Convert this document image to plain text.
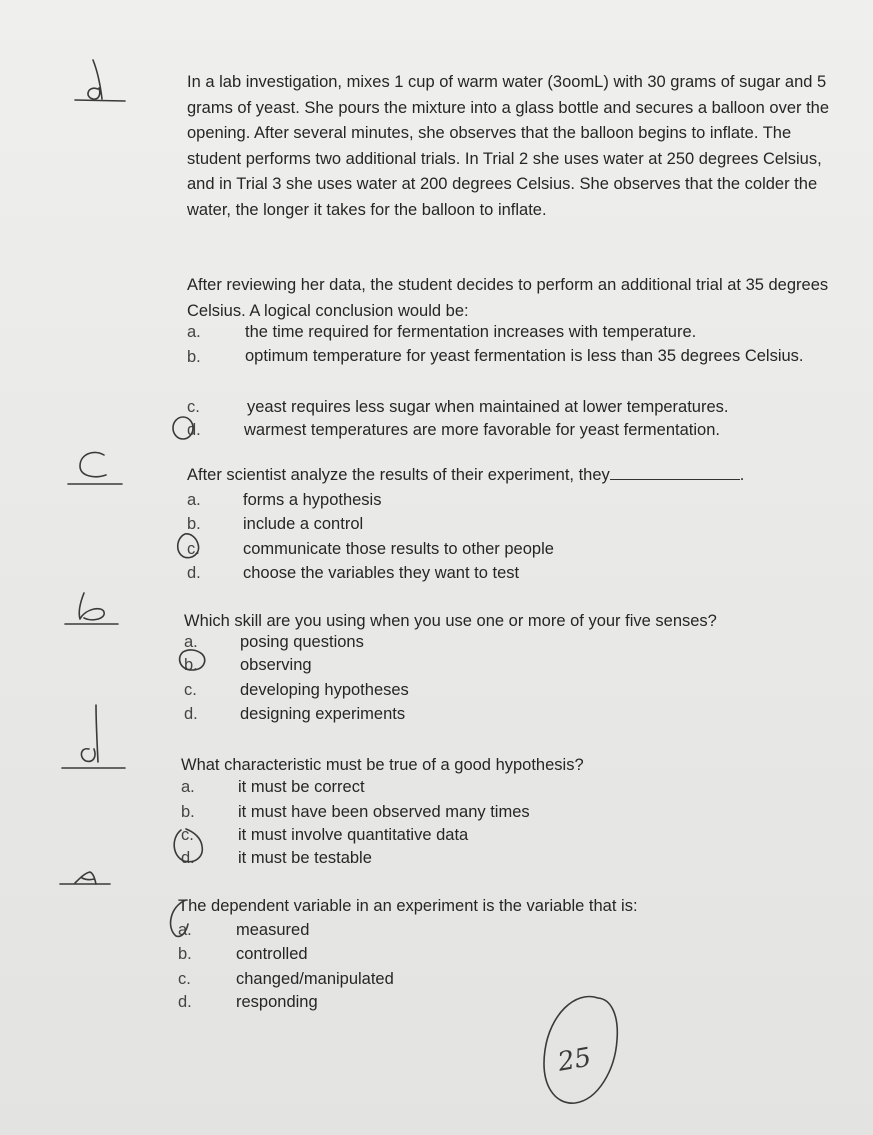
In a lab investigation, mixes 1 cup of warm water (3oomL) with 30 grams of sugar and 5 grams of yeast. She pours the mixture into a glass bottle and secures a balloon over the opening. After several minutes, she observes that the balloon begins to inflate. The student performs two additional trials. In Trial 2 she uses water at 250 degrees Celsius, and in Trial 3 she uses water at 200 degrees Celsius. She observes that the colder the water, the longer it takes for the balloon to inflate.
After reviewing her data, the student decides to perform an additional trial at 35 degrees Celsius. A logical conclusion would be:
a.	the time required for fermentation increases with temperature.
b.	optimum temperature for yeast fermentation is less than 35 degrees Celsius.
c.	yeast requires less sugar when maintained at lower temperatures.
d.	warmest temperatures are more favorable for yeast fermentation.
After scientist analyze the results of their experiment, they	.
a.	forms a hypothesis
b.	include a control
c.	communicate those results to other people
d.	choose the variables they want to test
Which skill are you using when you use one or more of your five senses?
a.	posing questions
b.	observing
c.	developing hypotheses
d.	designing experiments
What characteristic must be true of a good hypothesis?
a.	it must be correct
b.	it must have been observed many times
c.	it must involve quantitative data
d.	it must be testable
The dependent variable in an experiment is the variable that is:
a.	measured
b.	controlled
c.	changed/manipulated
d.	responding
25
